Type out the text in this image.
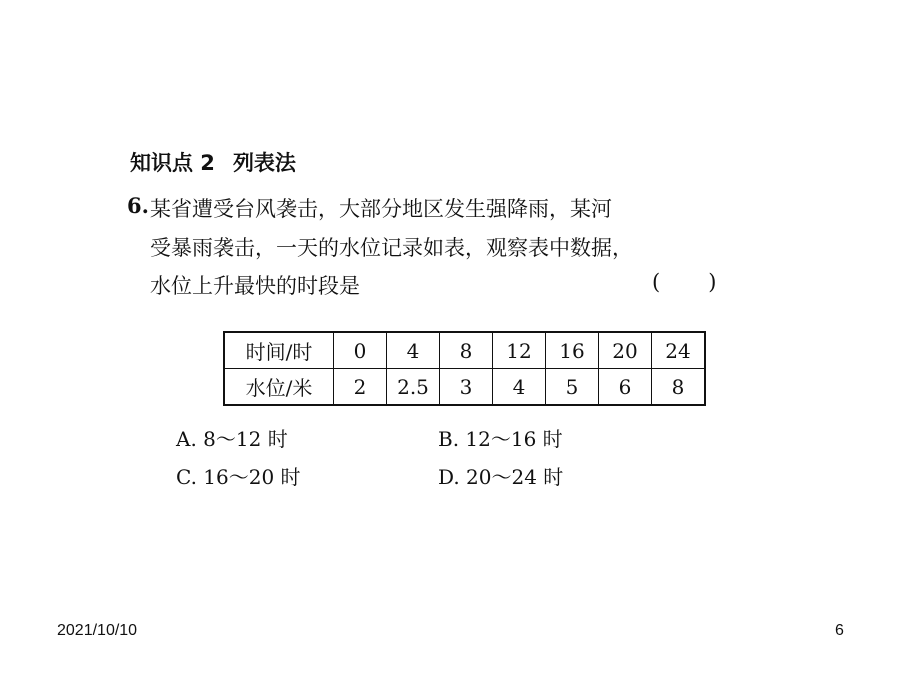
知识点 2 列表法
6. 某省遭受台风袭击，大部分地区发生强降雨，某河
受暴雨袭击，一天的水位记录如表，观察表中数据，
水位上升最快的时段是	( )
时间/时	0	4	8	12	16	20	24
水位/米	2	2.5	3	4	5	6	8
A. 8～12 时	B. 12～16 时
C. 16～20 时	D. 20～24 时
2021/10/10	6
